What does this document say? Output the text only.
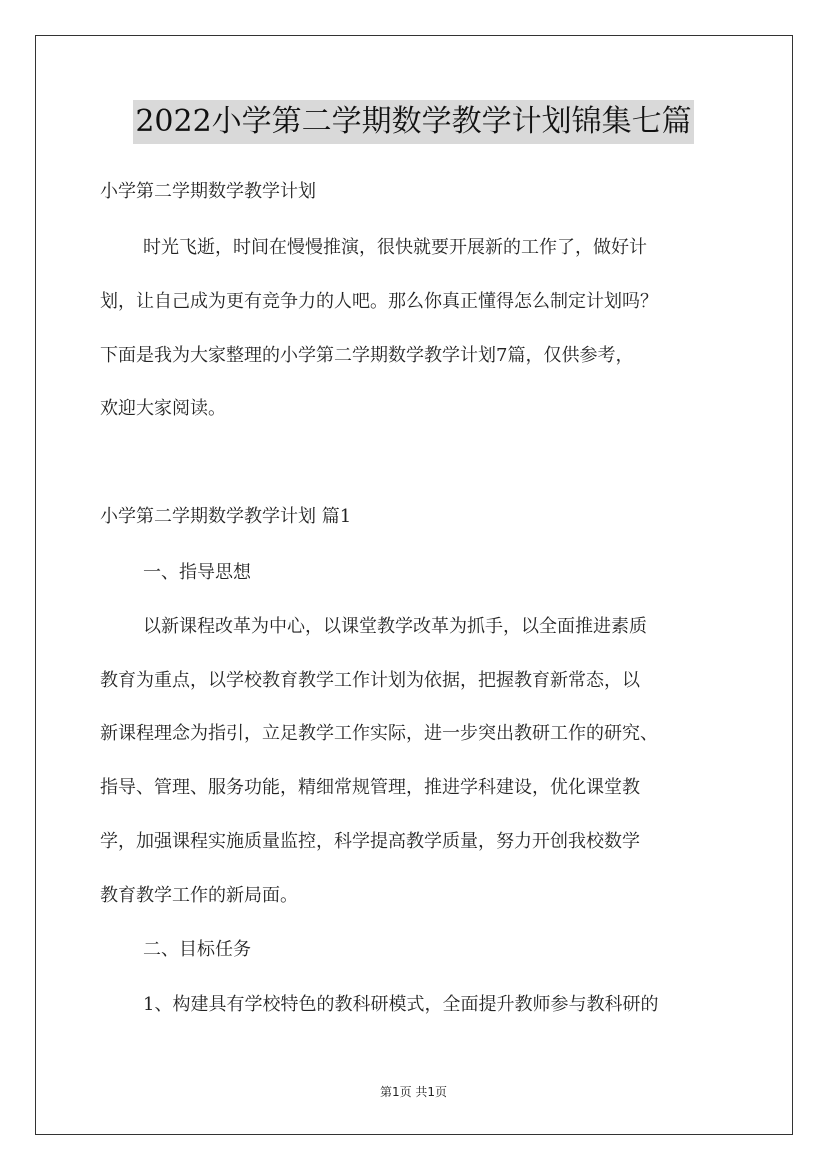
2022小学第二学期数学教学计划锦集七篇
小学第二学期数学教学计划
时光飞逝，时间在慢慢推演，很快就要开展新的工作了，做好计
划，让自己成为更有竞争力的人吧。那么你真正懂得怎么制定计划吗？
下面是我为大家整理的小学第二学期数学教学计划7篇，仅供参考，
欢迎大家阅读。
小学第二学期数学教学计划 篇1
一、指导思想
以新课程改革为中心，以课堂教学改革为抓手，以全面推进素质
教育为重点，以学校教育教学工作计划为依据，把握教育新常态，以
新课程理念为指引，立足教学工作实际，进一步突出教研工作的研究、
指导、管理、服务功能，精细常规管理，推进学科建设，优化课堂教
学，加强课程实施质量监控，科学提高教学质量，努力开创我校数学
教育教学工作的新局面。
二、目标任务
1、构建具有学校特色的教科研模式，全面提升教师参与教科研的
第1页 共1页
